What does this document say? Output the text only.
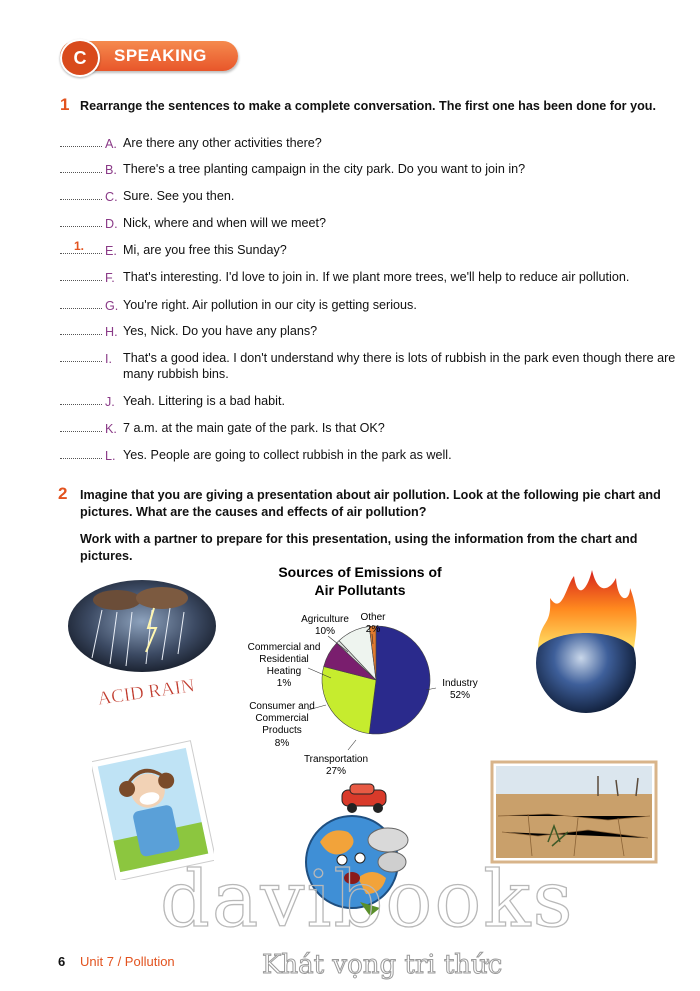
C	SPEAKING
1 Rearrange the sentences to make a complete conversation. The first one has been done for you.
A. Are there any other activities there?
B. There's a tree planting campaign in the city park. Do you want to join in?
C. Sure. See you then.
D. Nick, where and when will we meet?
1. E. Mi, are you free this Sunday?
F. That's interesting. I'd love to join in. If we plant more trees, we'll help to reduce air pollution.
G. You're right. Air pollution in our city is getting serious.
H. Yes, Nick. Do you have any plans?
I. That's a good idea. I don't understand why there is lots of rubbish in the park even though there are many rubbish bins.
J. Yeah. Littering is a bad habit.
K. 7 a.m. at the main gate of the park. Is that OK?
L. Yes. People are going to collect rubbish in the park as well.
2 Imagine that you are giving a presentation about air pollution. Look at the following pie chart and pictures. What are the causes and effects of air pollution?
Work with a partner to prepare for this presentation, using the information from the chart and pictures.
ACID RAIN
Sources of Emissions of
Air Pollutants
Agriculture
10%
Other
2%
Commercial and
Residential
Heating
1%
Consumer and
Commercial
Products
8%
Transportation
27%
Industry
52%
davibooks
Khát vọng tri thức
6 Unit 7 / Pollution
